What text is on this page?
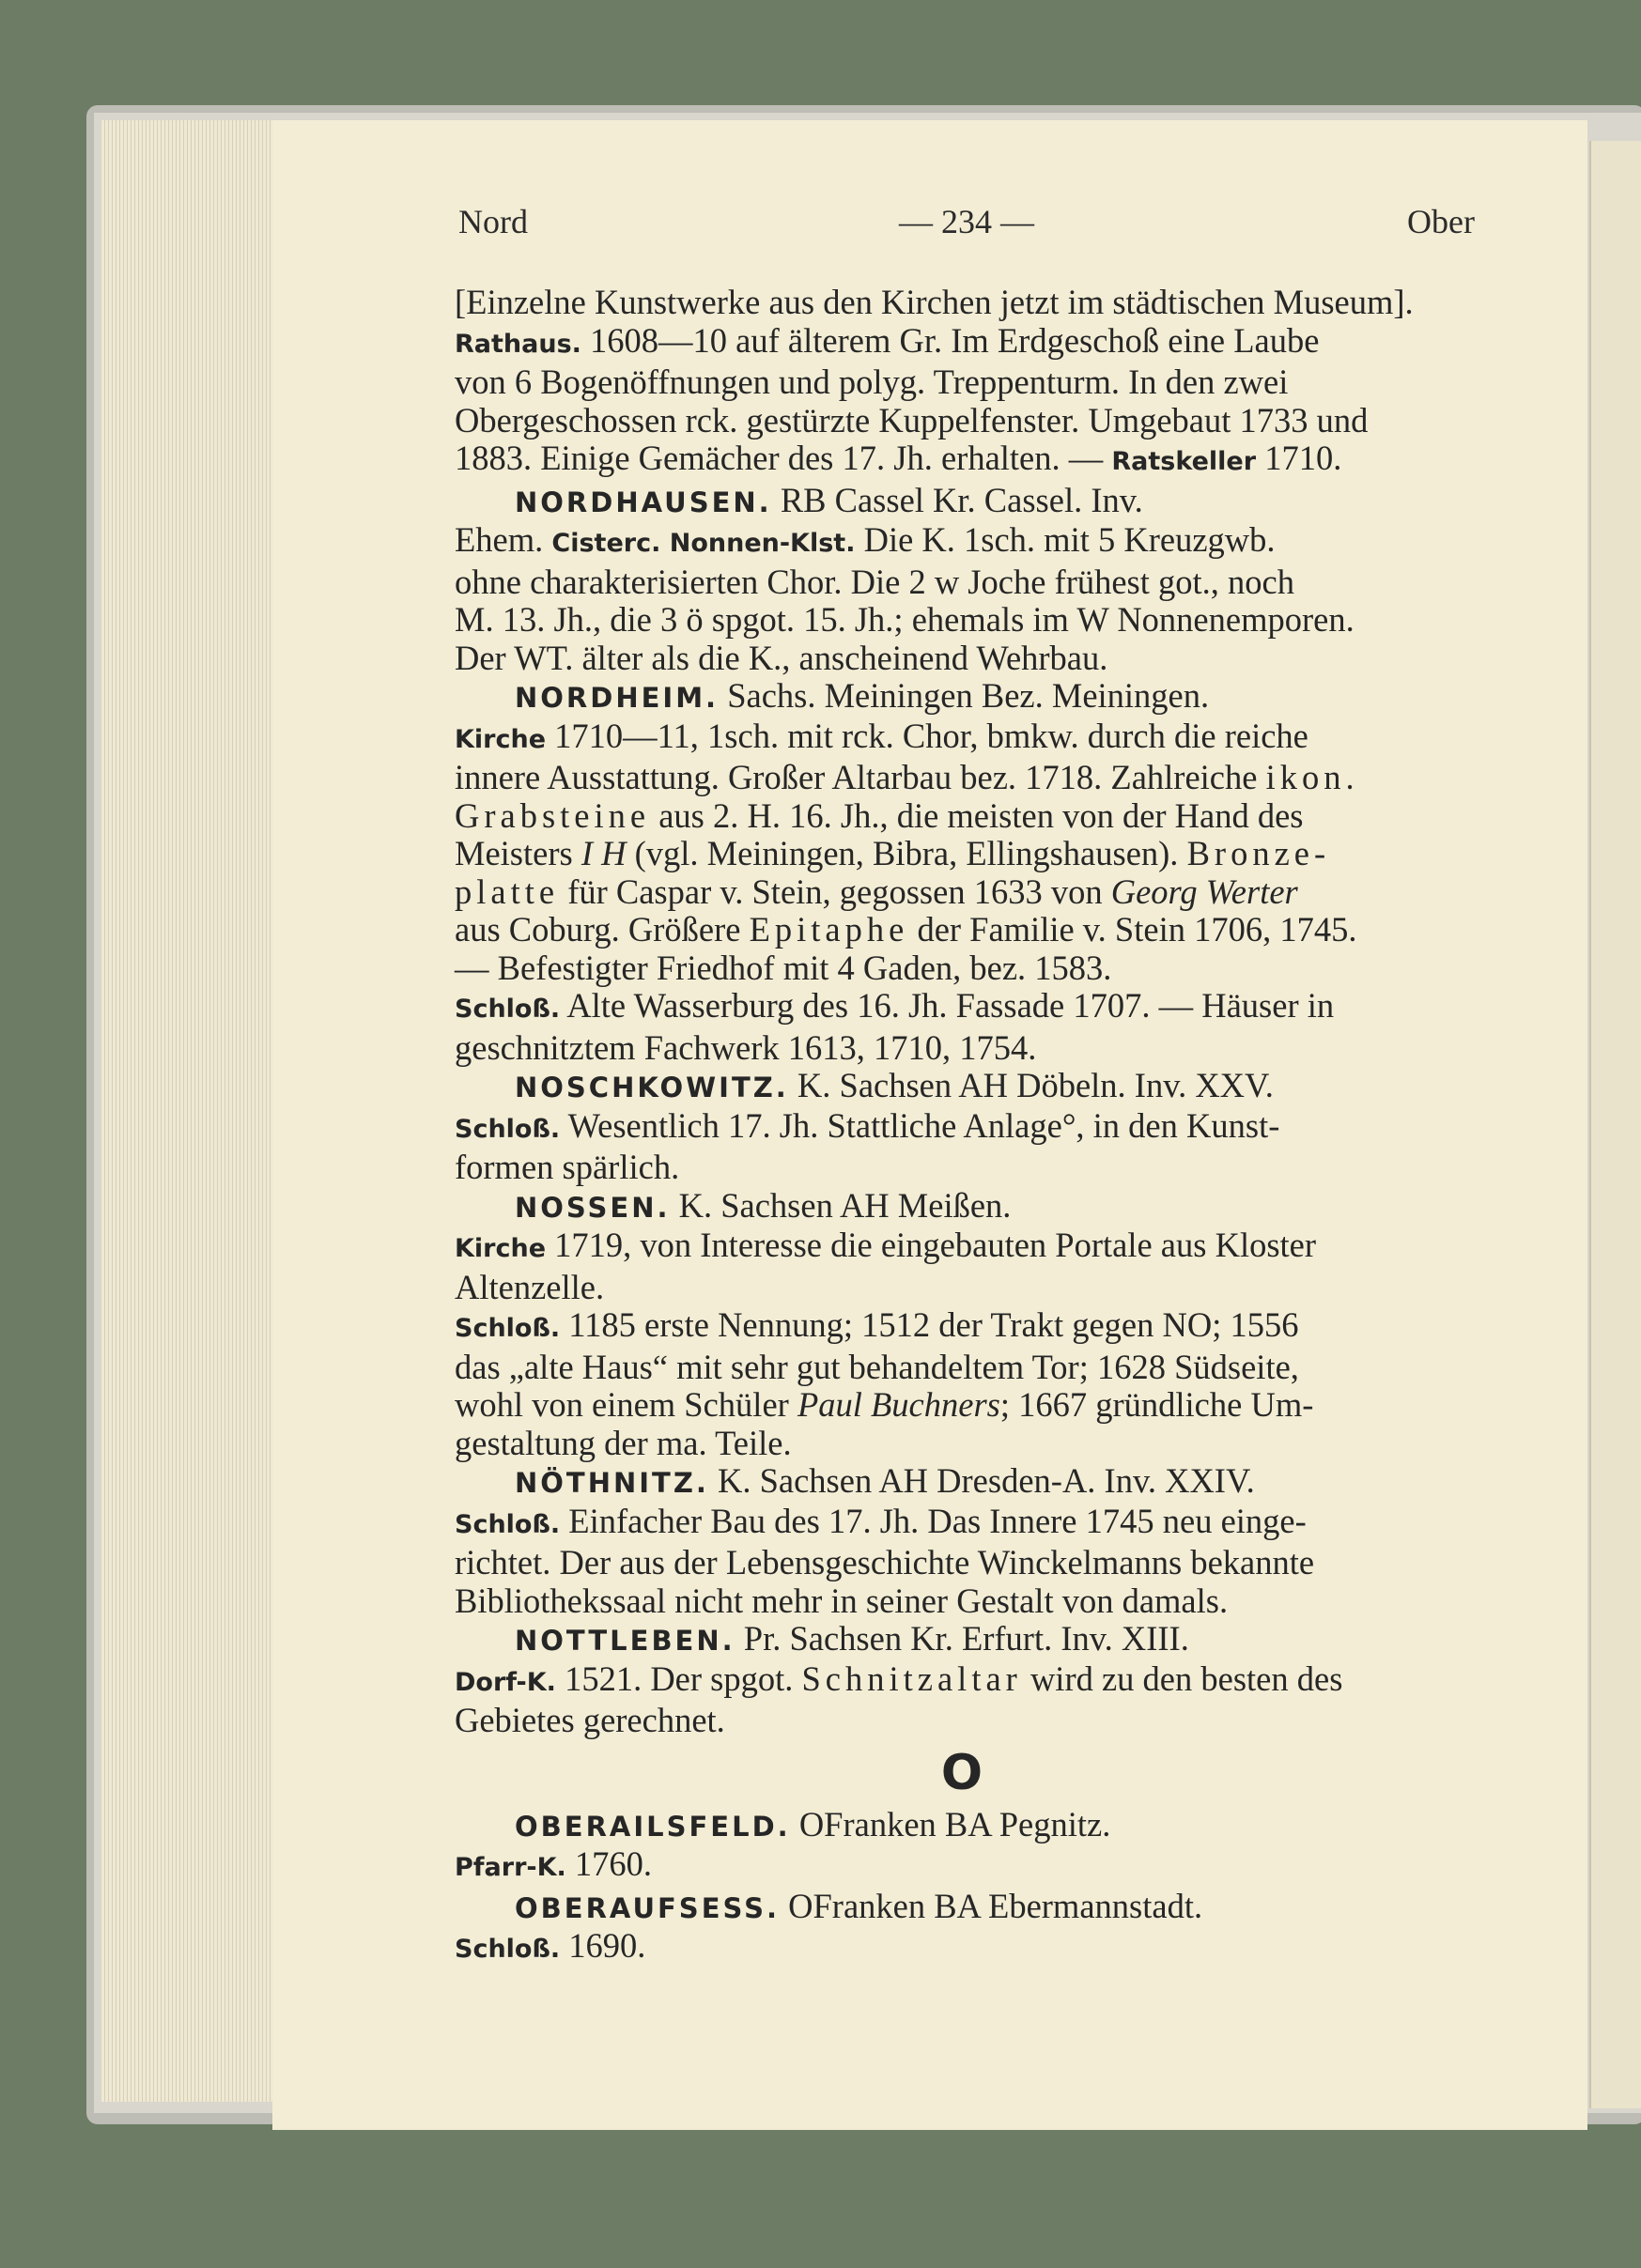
Nord	— 234 —	Ober

[Einzelne Kunstwerke aus den Kirchen jetzt im städtischen Museum].

Rathaus. 1608—10 auf älterem Gr. Im Erdgeschoß eine Laube

von 6 Bogenöffnungen und polyg. Treppenturm. In den zwei

Obergeschossen rck. gestürzte Kuppelfenster. Umgebaut 1733 und

1883. Einige Gemächer des 17. Jh. erhalten. — Ratskeller 1710.

NORDHAUSEN. RB Cassel Kr. Cassel. Inv.

Ehem. Cisterc. Nonnen-Klst. Die K. 1sch. mit 5 Kreuzgwb.

ohne charakterisierten Chor. Die 2 w Joche frühest got., noch

M. 13. Jh., die 3 ö spgot. 15. Jh.; ehemals im W Nonnenemporen.

Der WT. älter als die K., anscheinend Wehrbau.

NORDHEIM. Sachs. Meiningen Bez. Meiningen.

Kirche 1710—11, 1sch. mit rck. Chor, bmkw. durch die reiche

innere Ausstattung. Großer Altarbau bez. 1718. Zahlreiche ikon.

Grabsteine aus 2. H. 16. Jh., die meisten von der Hand des

Meisters I H (vgl. Meiningen, Bibra, Ellingshausen). Bronze-

platte für Caspar v. Stein, gegossen 1633 von Georg Werter

aus Coburg. Größere Epitaphe der Familie v. Stein 1706, 1745.

— Befestigter Friedhof mit 4 Gaden, bez. 1583.

Schloß. Alte Wasserburg des 16. Jh. Fassade 1707. — Häuser in

geschnitztem Fachwerk 1613, 1710, 1754.

NOSCHKOWITZ. K. Sachsen AH Döbeln. Inv. XXV.

Schloß. Wesentlich 17. Jh. Stattliche Anlage°, in den Kunst-

formen spärlich.

NOSSEN. K. Sachsen AH Meißen.

Kirche 1719, von Interesse die eingebauten Portale aus Kloster

Altenzelle.

Schloß. 1185 erste Nennung; 1512 der Trakt gegen NO; 1556

das „alte Haus“ mit sehr gut behandeltem Tor; 1628 Südseite,

wohl von einem Schüler Paul Buchners; 1667 gründliche Um-

gestaltung der ma. Teile.

NÖTHNITZ. K. Sachsen AH Dresden-A. Inv. XXIV.

Schloß. Einfacher Bau des 17. Jh. Das Innere 1745 neu einge-

richtet. Der aus der Lebensgeschichte Winckelmanns bekannte

Bibliothekssaal nicht mehr in seiner Gestalt von damals.

NOTTLEBEN. Pr. Sachsen Kr. Erfurt. Inv. XIII.

Dorf-K. 1521. Der spgot. Schnitzaltar wird zu den besten des

Gebietes gerechnet.

O

OBERAILSFELD. OFranken BA Pegnitz.

Pfarr-K. 1760.

OBERAUFSESS. OFranken BA Ebermannstadt.

Schloß. 1690.
